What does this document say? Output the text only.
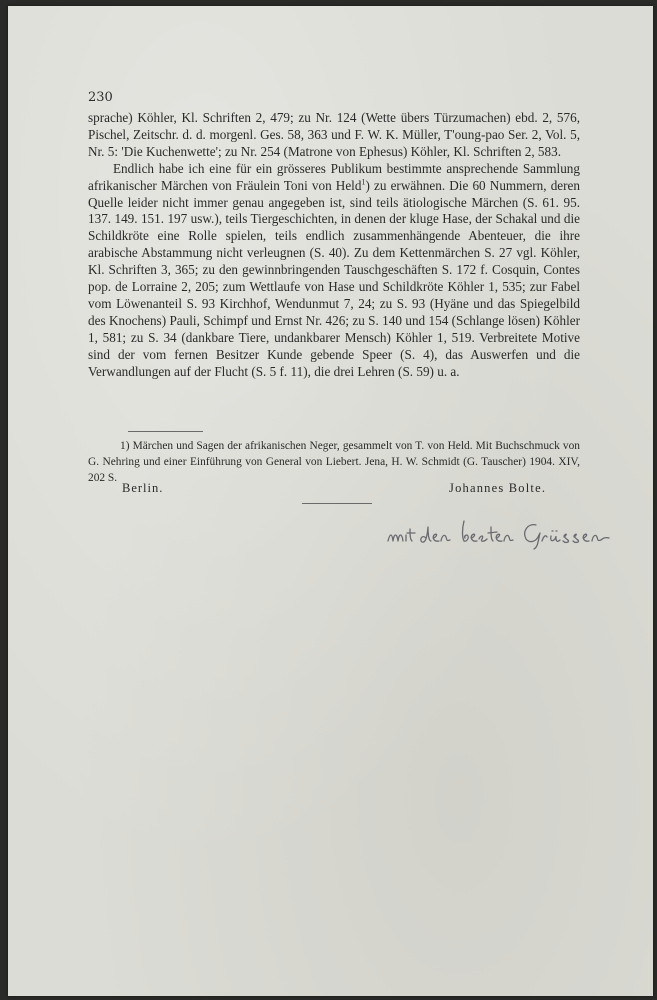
230

sprache) Köhler, Kl. Schriften 2, 479; zu Nr. 124 (Wette übers Türzumachen) ebd. 2, 576, Pischel, Zeitschr. d. d. morgenl. Ges. 58, 363 und F. W. K. Müller, T'oung-pao Ser. 2, Vol. 5, Nr. 5: 'Die Kuchenwette'; zu Nr. 254 (Matrone von Ephesus) Köhler, Kl. Schriften 2, 583.

Endlich habe ich eine für ein grösseres Publikum bestimmte ansprechende Sammlung afrikanischer Märchen von Fräulein Toni von Held$^1$) zu erwähnen. Die 60 Nummern, deren Quelle leider nicht immer genau angegeben ist, sind teils ätiologische Märchen (S. 61. 95. 137. 149. 151. 197 usw.), teils Tiergeschichten, in denen der kluge Hase, der Schakal und die Schildkröte eine Rolle spielen, teils endlich zusammenhängende Abenteuer, die ihre arabische Abstammung nicht verleugnen (S. 40). Zu dem Kettenmärchen S. 27 vgl. Köhler, Kl. Schriften 3, 365; zu den gewinnbringenden Tauschgeschäften S. 172 f. Cosquin, Contes pop. de Lorraine 2, 205; zum Wettlaufe von Hase und Schildkröte Köhler 1, 535; zur Fabel vom Löwenanteil S. 93 Kirchhof, Wendunmut 7, 24; zu S. 93 (Hyäne und das Spiegelbild des Knochens) Pauli, Schimpf und Ernst Nr. 426; zu S. 140 und 154 (Schlange lösen) Köhler 1, 581; zu S. 34 (dankbare Tiere, undankbarer Mensch) Köhler 1, 519. Verbreitete Motive sind der vom fernen Besitzer Kunde gebende Speer (S. 4), das Auswerfen und die Verwandlungen auf der Flucht (S. 5 f. 11), die drei Lehren (S. 59) u. a.

1) Märchen und Sagen der afrikanischen Neger, gesammelt von T. von Held. Mit Buchschmuck von G. Nehring und einer Einführung von General von Liebert. Jena, H. W. Schmidt (G. Tauscher) 1904. XIV, 202 S.

Berlin.	Johannes Bolte.
